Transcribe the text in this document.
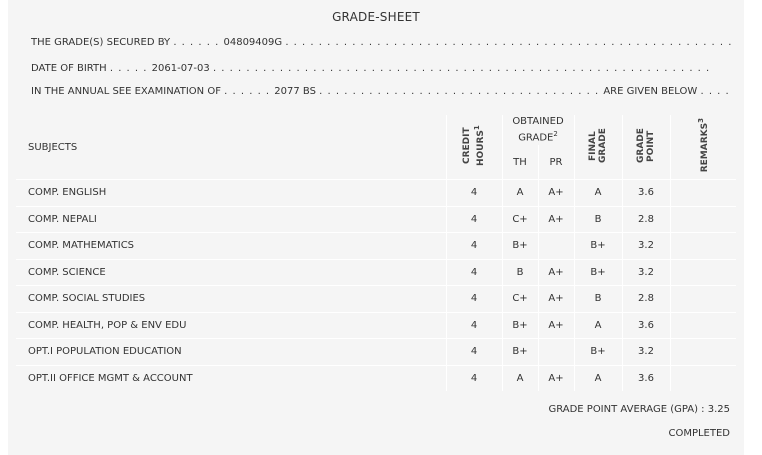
GRADE-SHEET
THE GRADE(S) SECURED BY . . . . . . 04809409G . . . . . . . . . . . . . . . . . . . . . . . . . . . . . . . . . . . . . . . . . . . . . . . . . . . . . .
DATE OF BIRTH . . . . . 2061-07-03 . . . . . . . . . . . . . . . . . . . . . . . . . . . . . . . . . . . . . . . . . . . . . . . . . . . . . . . . . . . .
IN THE ANNUAL SEE EXAMINATION OF . . . . . . 2077 BS . . . . . . . . . . . . . . . . . . . . . . . . . . . . . . . . . . ARE GIVEN BELOW . . . .
SUBJECTS	CREDIT HOURS$^1$	OBTAINED GRADE$^2$		FINAL GRADE	GRADE POINT	REMARKS$^3$
		TH	PR			
COMP. ENGLISH	4	A	A+	A	3.6	
COMP. NEPALI	4	C+	A+	B	2.8	
COMP. MATHEMATICS	4	B+		B+	3.2	
COMP. SCIENCE	4	B	A+	B+	3.2	
COMP. SOCIAL STUDIES	4	C+	A+	B	2.8	
COMP. HEALTH, POP & ENV EDU	4	B+	A+	A	3.6	
OPT.I POPULATION EDUCATION	4	B+		B+	3.2	
OPT.II OFFICE MGMT & ACCOUNT	4	A	A+	A	3.6	
GRADE POINT AVERAGE (GPA) : 3.25
COMPLETED
